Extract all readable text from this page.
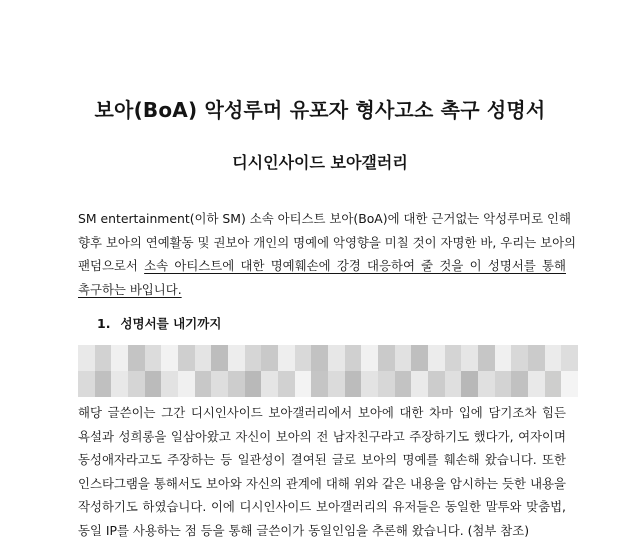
보아(BoA) 악성루머 유포자 형사고소 촉구 성명서
디시인사이드 보아갤러리
SM entertainment(이하 SM) 소속 아티스트 보아(BoA)에 대한 근거없는 악성루머로 인해
향후 보아의 연예활동 및 권보아 개인의 명예에 악영향을 미칠 것이 자명한 바, 우리는 보아의
팬덤으로서 소속 아티스트에 대한 명예훼손에 강경 대응하여 줄 것을 이 성명서를 통해
촉구하는 바입니다.
1. 성명서를 내기까지
해당 글쓴이는 그간 디시인사이드 보아갤러리에서 보아에 대한 차마 입에 담기조차 힘든
욕설과 성희롱을 일삼아왔고 자신이 보아의 전 남자친구라고 주장하기도 했다가, 여자이며
동성애자라고도 주장하는 등 일관성이 결여된 글로 보아의 명예를 훼손해 왔습니다. 또한
인스타그램을 통해서도 보아와 자신의 관계에 대해 위와 같은 내용을 암시하는 듯한 내용을
작성하기도 하였습니다. 이에 디시인사이드 보아갤러리의 유저들은 동일한 말투와 맞춤법,
동일 IP를 사용하는 점 등을 통해 글쓴이가 동일인임을 추론해 왔습니다. (첨부 참조)
